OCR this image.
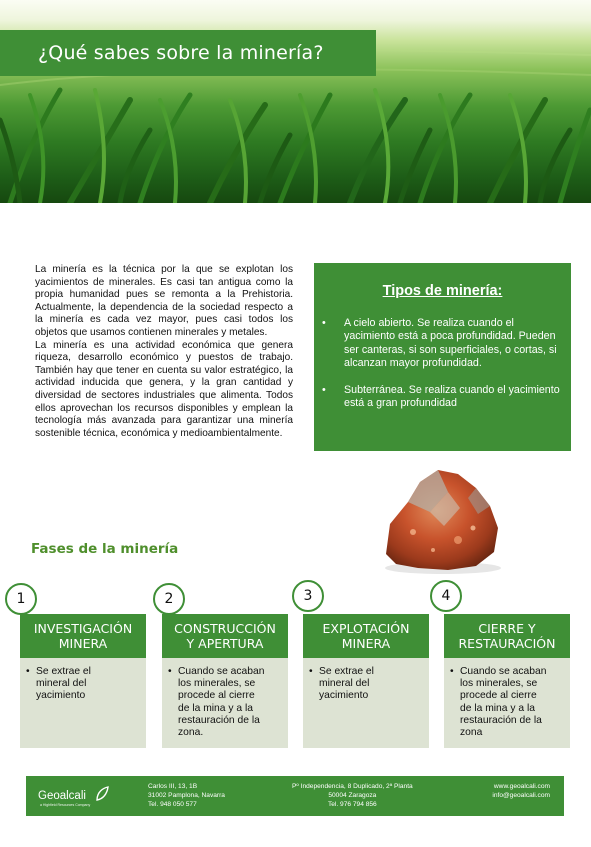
¿Qué sabes sobre la minería?

La minería es la técnica por la que se explotan los yacimientos de minerales. Es casi tan antigua como la propia humanidad pues se remonta a la Prehistoria. Actualmente, la dependencia de la sociedad respecto a la minería es cada vez mayor, pues casi todos los objetos que usamos contienen minerales y metales.

La minería es una actividad económica que genera riqueza, desarrollo económico y puestos de trabajo. También hay que tener en cuenta su valor estratégico, la actividad inducida que genera, y la gran cantidad y diversidad de sectores industriales que alimenta. Todos ellos aprovechan los recursos disponibles y emplean la tecnología más avanzada para garantizar una minería sostenible técnica, económica y medioambientalmente.

Tipos de minería:
• A cielo abierto. Se realiza cuando el yacimiento está a poca profundidad. Pueden ser canteras, si son superficiales, o cortas, si alcanzan mayor profundidad.
• Subterránea. Se realiza cuando el yacimiento está a gran profundidad
Fases de la minería
1
INVESTIGACIÓN
MINERA
• Se extrae el
mineral del
yacimiento
2
CONSTRUCCIÓN
Y APERTURA
• Cuando se acaban
los minerales, se
procede al cierre
de la mina y a la
restauración de la
zona.
3
EXPLOTACIÓN
MINERA
• Se extrae el
mineral del
yacimiento
4
CIERRE Y
RESTAURACIÓN
• Cuando se acaban
los minerales, se
procede al cierre
de la mina y a la
restauración de la
zona
Geoalcali
a Highfield Resources Company
Carlos III, 13, 1B
31002 Pamplona, Navarra
Tel. 948 050 577
Pº Independencia, 8 Duplicado, 2ª Planta
50004 Zaragoza
Tel. 976 794 856
www.geoalcali.com
info@geoalcali.com
